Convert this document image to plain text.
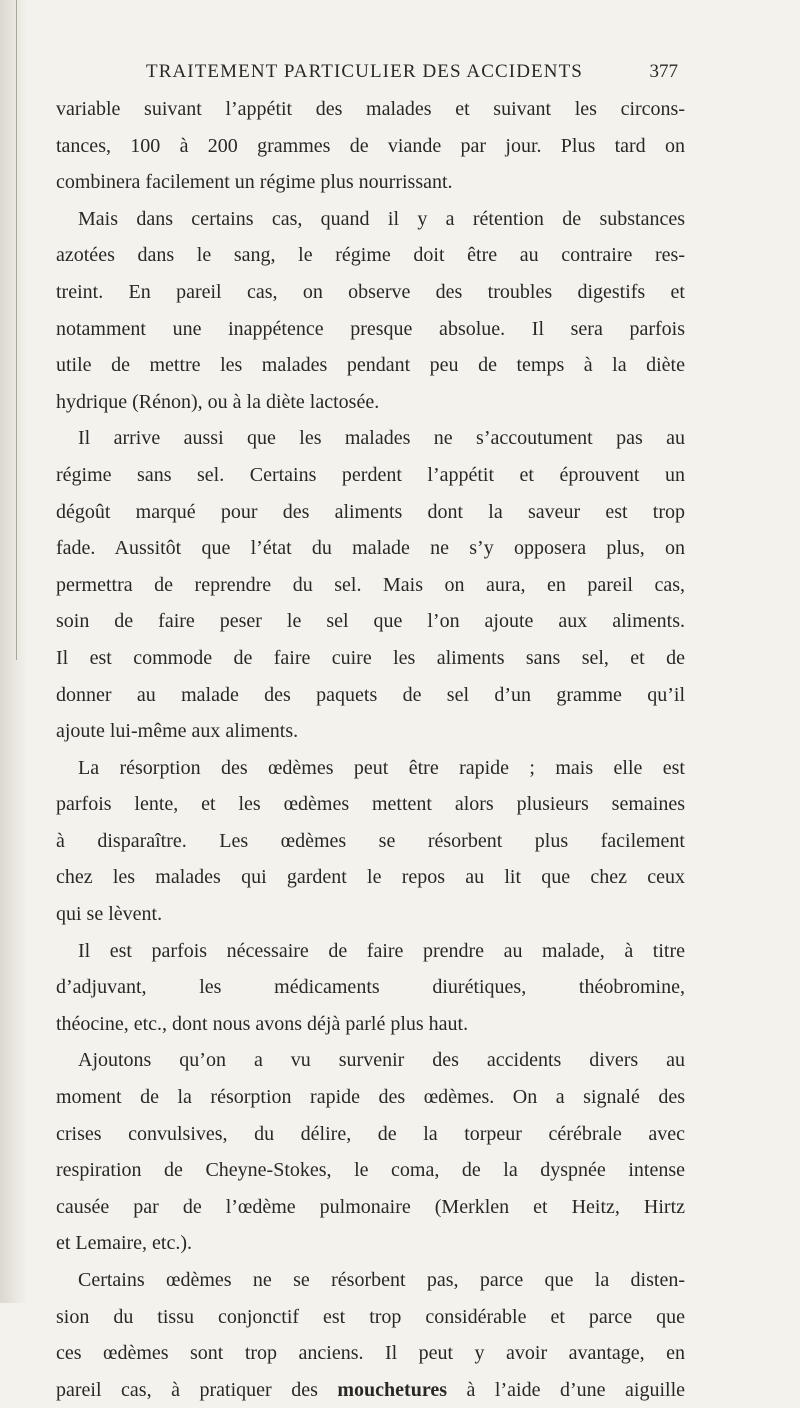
TRAITEMENT PARTICULIER DES ACCIDENTS	377
variable suivant l’appétit des malades et suivant les circons-
tances, 100 à 200 grammes de viande par jour. Plus tard on
combinera facilement un régime plus nourrissant.
Mais dans certains cas, quand il y a rétention de substances
azotées dans le sang, le régime doit être au contraire res-
treint. En pareil cas, on observe des troubles digestifs et
notamment une inappétence presque absolue. Il sera parfois
utile de mettre les malades pendant peu de temps à la diète
hydrique (Rénon), ou à la diète lactosée.
Il arrive aussi que les malades ne s’accoutument pas au
régime sans sel. Certains perdent l’appétit et éprouvent un
dégoût marqué pour des aliments dont la saveur est trop
fade. Aussitôt que l’état du malade ne s’y opposera plus, on
permettra de reprendre du sel. Mais on aura, en pareil cas,
soin de faire peser le sel que l’on ajoute aux aliments.
Il est commode de faire cuire les aliments sans sel, et de
donner au malade des paquets de sel d’un gramme qu’il
ajoute lui-même aux aliments.
La résorption des œdèmes peut être rapide ; mais elle est
parfois lente, et les œdèmes mettent alors plusieurs semaines
à disparaître. Les œdèmes se résorbent plus facilement
chez les malades qui gardent le repos au lit que chez ceux
qui se lèvent.
Il est parfois nécessaire de faire prendre au malade, à titre
d’adjuvant, les médicaments diurétiques, théobromine,
théocine, etc., dont nous avons déjà parlé plus haut.
Ajoutons qu’on a vu survenir des accidents divers au
moment de la résorption rapide des œdèmes. On a signalé des
crises convulsives, du délire, de la torpeur cérébrale avec
respiration de Cheyne-Stokes, le coma, de la dyspnée intense
causée par de l’œdème pulmonaire (Merklen et Heitz, Hirtz
et Lemaire, etc.).
Certains œdèmes ne se résorbent pas, parce que la disten-
sion du tissu conjonctif est trop considérable et parce que
ces œdèmes sont trop anciens. Il peut y avoir avantage, en
pareil cas, à pratiquer des mouchetures à l’aide d’une aiguille
